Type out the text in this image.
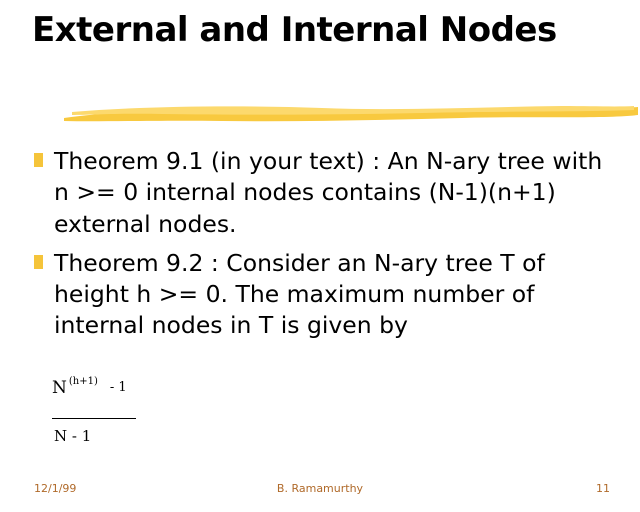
External and Internal Nodes
Theorem 9.1 (in your text) : An N-ary tree with n >= 0 internal nodes contains (N-1)(n+1) external nodes.
Theorem 9.2 : Consider an N-ary tree T of height h >= 0. The maximum number of internal nodes in T is given by
N $^{(h+1)}$ - 1
N - 1
12/1/99	B. Ramamurthy	11
